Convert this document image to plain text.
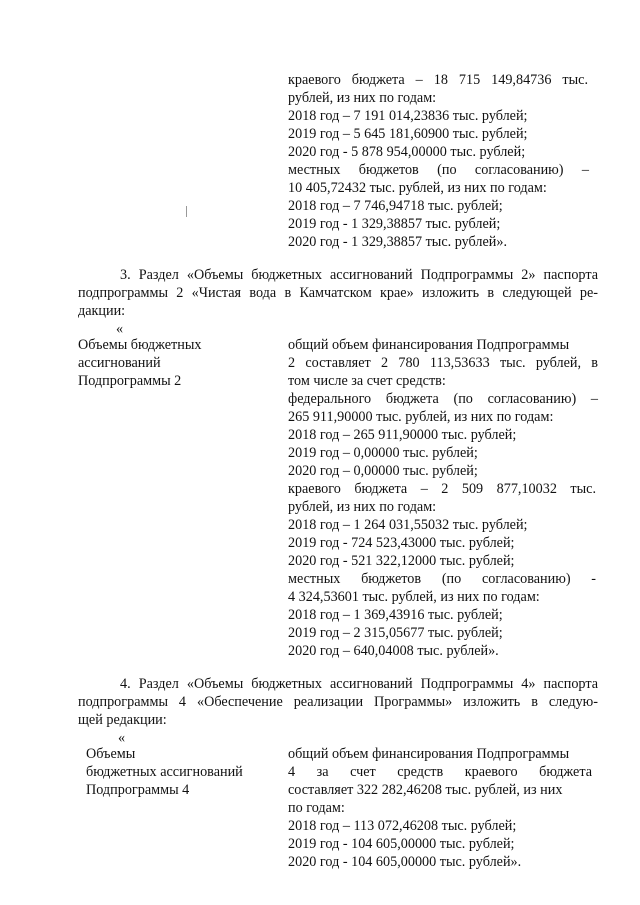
краевого бюджета – 18 715 149,84736 тыс.
рублей, из них по годам:
2018 год – 7 191 014,23836 тыс. рублей;
2019 год – 5 645 181,60900 тыс. рублей;
2020 год - 5 878 954,00000 тыс. рублей;
местных бюджетов (по согласованию) –
10 405,72432 тыс. рублей, из них по годам:
2018 год – 7 746,94718 тыс. рублей;
2019 год - 1 329,38857 тыс. рублей;
2020 год - 1 329,38857 тыс. рублей».
3. Раздел «Объемы бюджетных ассигнований Подпрограммы 2» паспорта
подпрограммы 2 «Чистая вода в Камчатском крае» изложить в следующей ре-
дакции:
«
Объемы бюджетных
ассигнований
Подпрограммы 2
общий объем финансирования Подпрограммы
2 составляет 2 780 113,53633 тыс. рублей, в
том числе за счет средств:
федерального бюджета (по согласованию) –
265 911,90000 тыс. рублей, из них по годам:
2018 год – 265 911,90000 тыс. рублей;
2019 год – 0,00000 тыс. рублей;
2020 год – 0,00000 тыс. рублей;
краевого бюджета – 2 509 877,10032 тыс.
рублей, из них по годам:
2018 год – 1 264 031,55032 тыс. рублей;
2019 год - 724 523,43000 тыс. рублей;
2020 год - 521 322,12000 тыс. рублей;
местных бюджетов (по согласованию) -
4 324,53601 тыс. рублей, из них по годам:
2018 год – 1 369,43916 тыс. рублей;
2019 год – 2 315,05677 тыс. рублей;
2020 год – 640,04008 тыс. рублей».
4. Раздел «Объемы бюджетных ассигнований Подпрограммы 4» паспорта
подпрограммы 4 «Обеспечение реализации Программы» изложить в следую-
щей редакции:
«
Объемы
бюджетных ассигнований
Подпрограммы 4
общий объем финансирования Подпрограммы
4 за счет средств краевого бюджета
составляет 322 282,46208 тыс. рублей, из них
по годам:
2018 год – 113 072,46208 тыс. рублей;
2019 год - 104 605,00000 тыс. рублей;
2020 год - 104 605,00000 тыс. рублей».
